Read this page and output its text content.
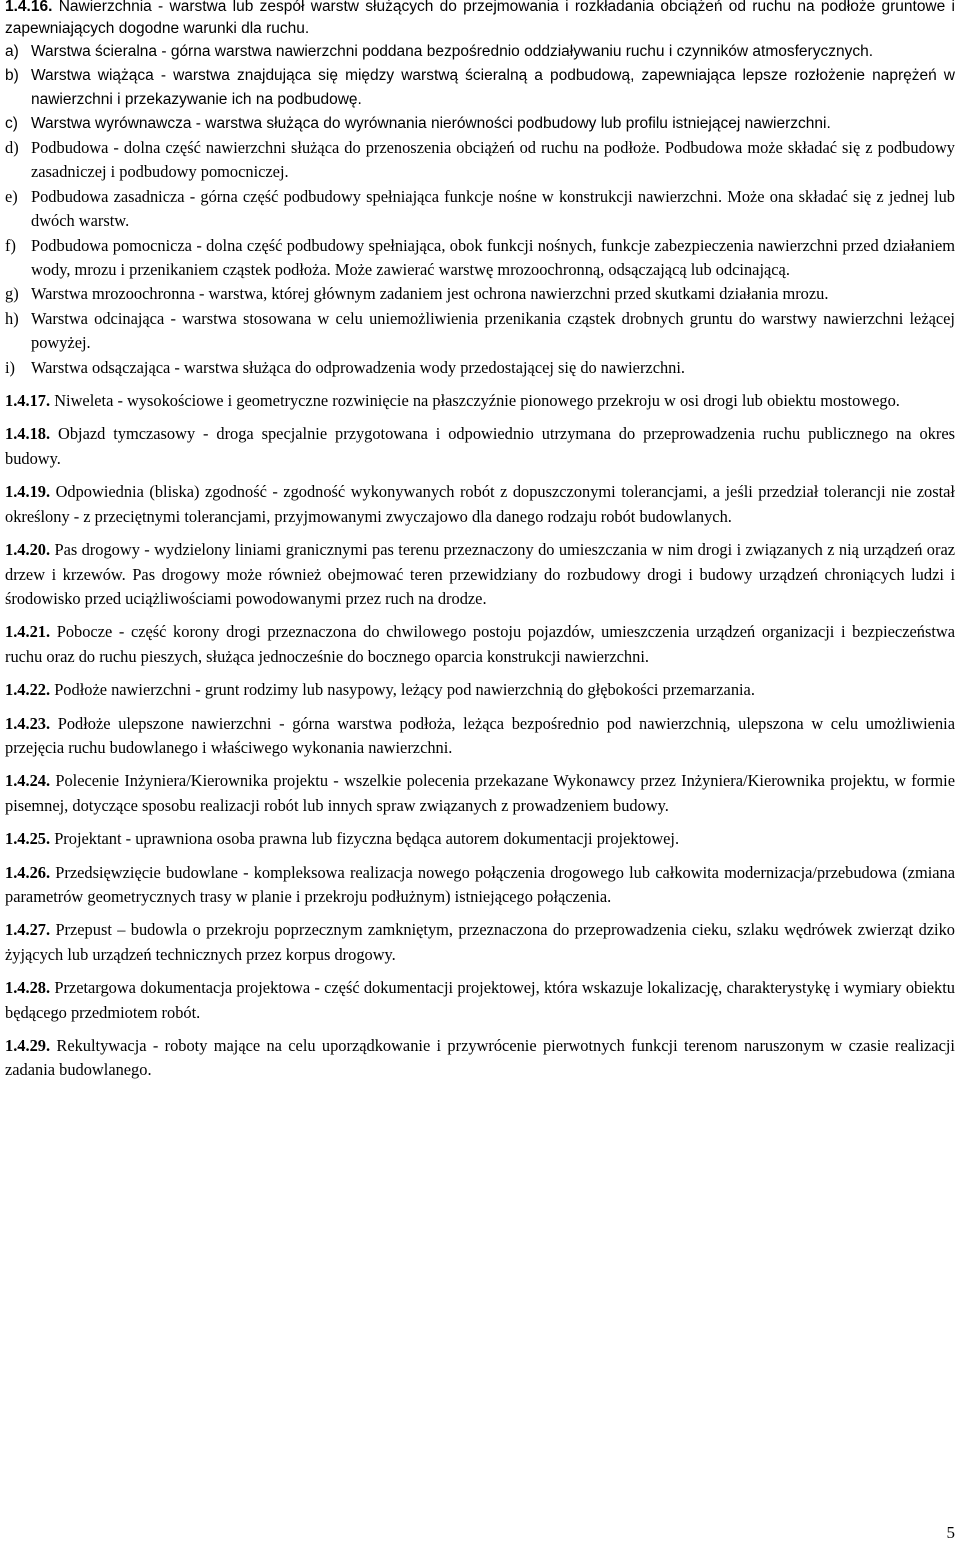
1.4.16. Nawierzchnia - warstwa lub zespół warstw służących do przejmowania i rozkładania obciążeń od ruchu na podłoże gruntowe i zapewniających dogodne warunki dla ruchu.

a) Warstwa ścieralna - górna warstwa nawierzchni poddana bezpośrednio oddziaływaniu ruchu i czynników atmosferycznych.
b) Warstwa wiążąca - warstwa znajdująca się między warstwą ścieralną a podbudową, zapewniająca lepsze rozłożenie naprężeń w nawierzchni i przekazywanie ich na podbudowę.
c) Warstwa wyrównawcza - warstwa służąca do wyrównania nierówności podbudowy lub profilu istniejącej nawierzchni.
d) Podbudowa - dolna część nawierzchni służąca do przenoszenia obciążeń od ruchu na podłoże. Podbudowa może składać się z podbudowy zasadniczej i podbudowy pomocniczej.
e) Podbudowa zasadnicza - górna część podbudowy spełniająca funkcje nośne w konstrukcji nawierzchni. Może ona składać się z jednej lub dwóch warstw.
f) Podbudowa pomocnicza - dolna część podbudowy spełniająca, obok funkcji nośnych, funkcje zabezpieczenia nawierzchni przed działaniem wody, mrozu i przenikaniem cząstek podłoża. Może zawierać warstwę mrozoochronną, odsączającą lub odcinającą.
g) Warstwa mrozoochronna - warstwa, której głównym zadaniem jest ochrona nawierzchni przed skutkami działania mrozu.
h) Warstwa odcinająca - warstwa stosowana w celu uniemożliwienia przenikania cząstek drobnych gruntu do warstwy nawierzchni leżącej powyżej.
i) Warstwa odsączająca - warstwa służąca do odprowadzenia wody przedostającej się do nawierzchni.

1.4.17. Niweleta - wysokościowe i geometryczne rozwinięcie na płaszczyźnie pionowego przekroju w osi drogi lub obiektu mostowego.

1.4.18. Objazd tymczasowy - droga specjalnie przygotowana i odpowiednio utrzymana do przeprowadzenia ruchu publicznego na okres budowy.

1.4.19. Odpowiednia (bliska) zgodność - zgodność wykonywanych robót z dopuszczonymi tolerancjami, a jeśli przedział tolerancji nie został określony - z przeciętnymi tolerancjami, przyjmowanymi zwyczajowo dla danego rodzaju robót budowlanych.

1.4.20. Pas drogowy - wydzielony liniami granicznymi pas terenu przeznaczony do umieszczania w nim drogi i związanych z nią urządzeń oraz drzew i krzewów. Pas drogowy może również obejmować teren przewidziany do rozbudowy drogi i budowy urządzeń chroniących ludzi i środowisko przed uciążliwościami powodowanymi przez ruch na drodze.

1.4.21. Pobocze - część korony drogi przeznaczona do chwilowego postoju pojazdów, umieszczenia urządzeń organizacji i bezpieczeństwa ruchu oraz do ruchu pieszych, służąca jednocześnie do bocznego oparcia konstrukcji nawierzchni.

1.4.22. Podłoże nawierzchni - grunt rodzimy lub nasypowy, leżący pod nawierzchnią do głębokości przemarzania.

1.4.23. Podłoże ulepszone nawierzchni - górna warstwa podłoża, leżąca bezpośrednio pod nawierzchnią, ulepszona w celu umożliwienia przejęcia ruchu budowlanego i właściwego wykonania nawierzchni.

1.4.24. Polecenie Inżyniera/Kierownika projektu - wszelkie polecenia przekazane Wykonawcy przez Inżyniera/Kierownika projektu, w formie pisemnej, dotyczące sposobu realizacji robót lub innych spraw związanych z prowadzeniem budowy.

1.4.25. Projektant - uprawniona osoba prawna lub fizyczna będąca autorem dokumentacji projektowej.

1.4.26. Przedsięwzięcie budowlane - kompleksowa realizacja nowego połączenia drogowego lub całkowita modernizacja/przebudowa (zmiana parametrów geometrycznych trasy w planie i przekroju podłużnym) istniejącego połączenia.

1.4.27. Przepust – budowla o przekroju poprzecznym zamkniętym, przeznaczona do przeprowadzenia cieku, szlaku wędrówek zwierząt dziko żyjących lub urządzeń technicznych przez korpus drogowy.

1.4.28. Przetargowa dokumentacja projektowa - część dokumentacji projektowej, która wskazuje lokalizację, charakterystykę i wymiary obiektu będącego przedmiotem robót.

1.4.29. Rekultywacja - roboty mające na celu uporządkowanie i przywrócenie pierwotnych funkcji terenom naruszonym w czasie realizacji zadania budowlanego.

5
